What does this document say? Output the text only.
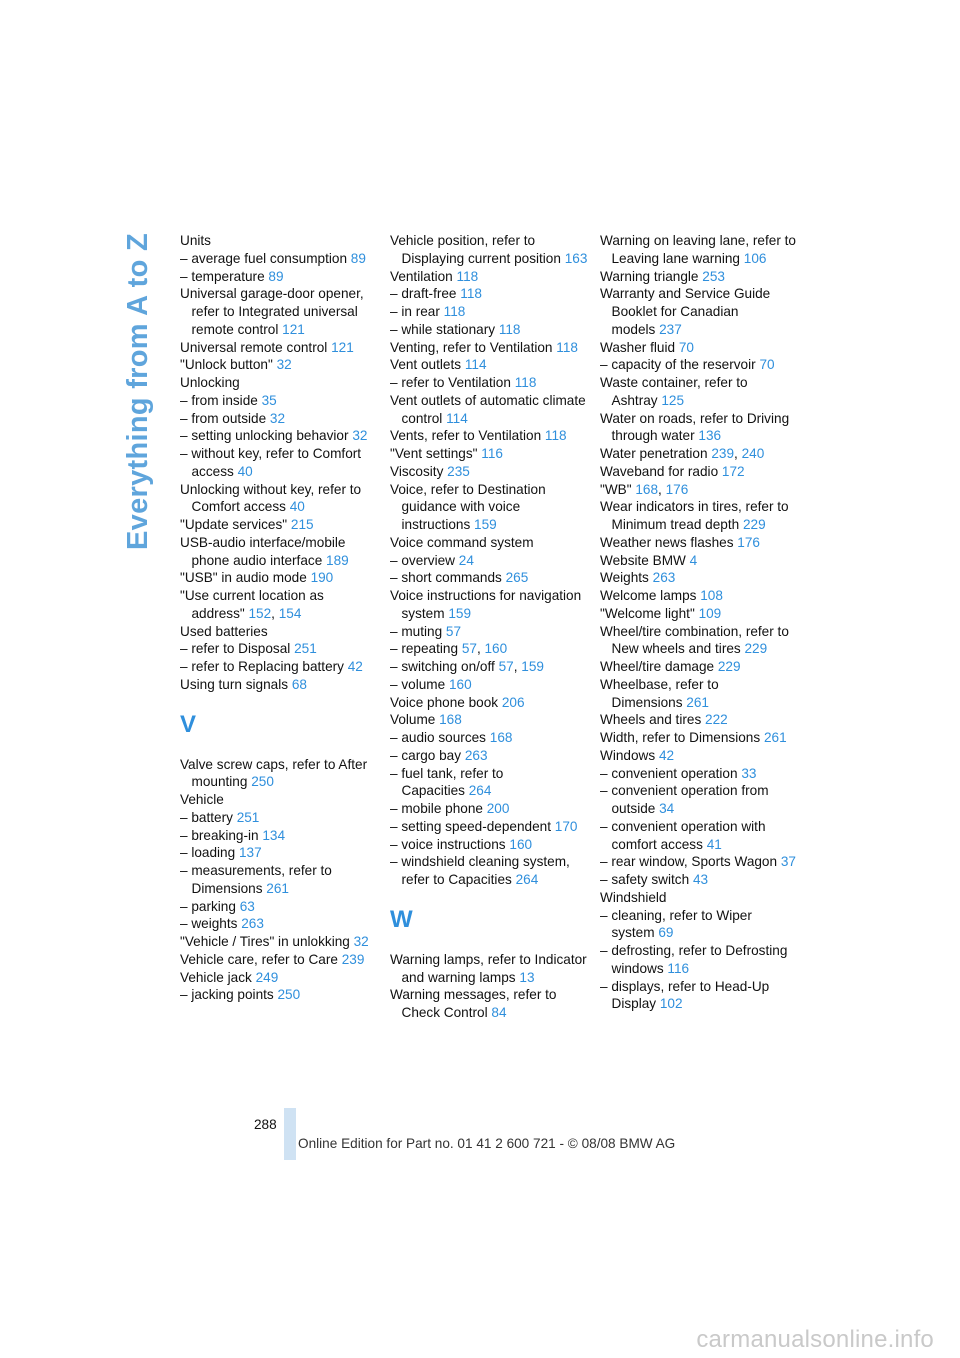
Everything from A to Z Units

– average fuel consumption 89

– temperature 89

Universal garage-door opener, refer to Integrated universal remote control 121

Universal remote control 121

"Unlock button" 32

Unlocking

– from inside 35

– from outside 32

– setting unlocking behavior 32

– without key, refer to Comfort access 40

Unlocking without key, refer to Comfort access 40

"Update services" 215

USB-audio interface/mobile phone audio interface 189

"USB" in audio mode 190

"Use current location as address" 152, 154

Used batteries

– refer to Disposal 251

– refer to Replacing battery 42

Using turn signals 68

V

Valve screw caps, refer to After mounting 250

Vehicle

– battery 251

– breaking-in 134

– loading 137

– measurements, refer to Dimensions 261

– parking 63

– weights 263

"Vehicle / Tires" in unlokking 32

Vehicle care, refer to Care 239

Vehicle jack 249

– jacking points 250

Vehicle position, refer to Displaying current position 163

Ventilation 118

– draft-free 118

– in rear 118

– while stationary 118

Venting, refer to Ventilation 118

Vent outlets 114

– refer to Ventilation 118

Vent outlets of automatic climate control 114

Vents, refer to Ventilation 118

"Vent settings" 116

Viscosity 235

Voice, refer to Destination guidance with voice instructions 159

Voice command system

– overview 24

– short commands 265

Voice instructions for navigation system 159

– muting 57

– repeating 57, 160

– switching on/off 57, 159

– volume 160

Voice phone book 206

Volume 168

– audio sources 168

– cargo bay 263

– fuel tank, refer to Capacities 264

– mobile phone 200

– setting speed-dependent 170

– voice instructions 160

– windshield cleaning system, refer to Capacities 264

W

Warning lamps, refer to Indicator and warning lamps 13

Warning messages, refer to Check Control 84

Warning on leaving lane, refer to Leaving lane warning 106

Warning triangle 253

Warranty and Service Guide Booklet for Canadian models 237

Washer fluid 70

– capacity of the reservoir 70

Waste container, refer to Ashtray 125

Water on roads, refer to Driving through water 136

Water penetration 239, 240

Waveband for radio 172

"WB" 168, 176

Wear indicators in tires, refer to Minimum tread depth 229

Weather news flashes 176

Website BMW 4

Weights 263

Welcome lamps 108

"Welcome light" 109

Wheel/tire combination, refer to New wheels and tires 229

Wheel/tire damage 229

Wheelbase, refer to Dimensions 261

Wheels and tires 222

Width, refer to Dimensions 261

Windows 42

– convenient operation 33

– convenient operation from outside 34

– convenient operation with comfort access 41

– rear window, Sports Wagon 37

– safety switch 43

Windshield

– cleaning, refer to Wiper system 69

– defrosting, refer to Defrosting windows 116

– displays, refer to Head-Up Display 102

288
Online Edition for Part no. 01 41 2 600 721 - © 08/08 BMW AG
carmanualsonline.info
